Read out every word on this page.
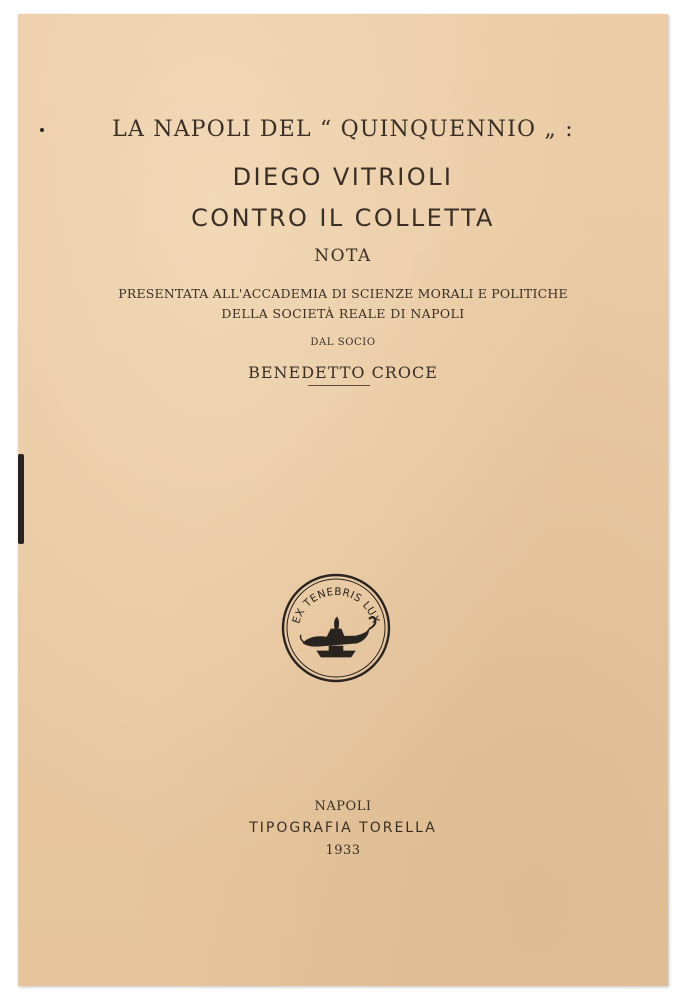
LA NAPOLI DEL “ QUINQUENNIO „ :
DIEGO VITRIOLI
CONTRO IL COLLETTA
NOTA
PRESENTATA ALL'ACCADEMIA DI SCIENZE MORALI E POLITICHE
DELLA SOCIETÀ REALE DI NAPOLI
DAL SOCIO
BENEDETTO CROCE
EX TENEBRIS LUX
NAPOLI
TIPOGRAFIA TORELLA
1933
